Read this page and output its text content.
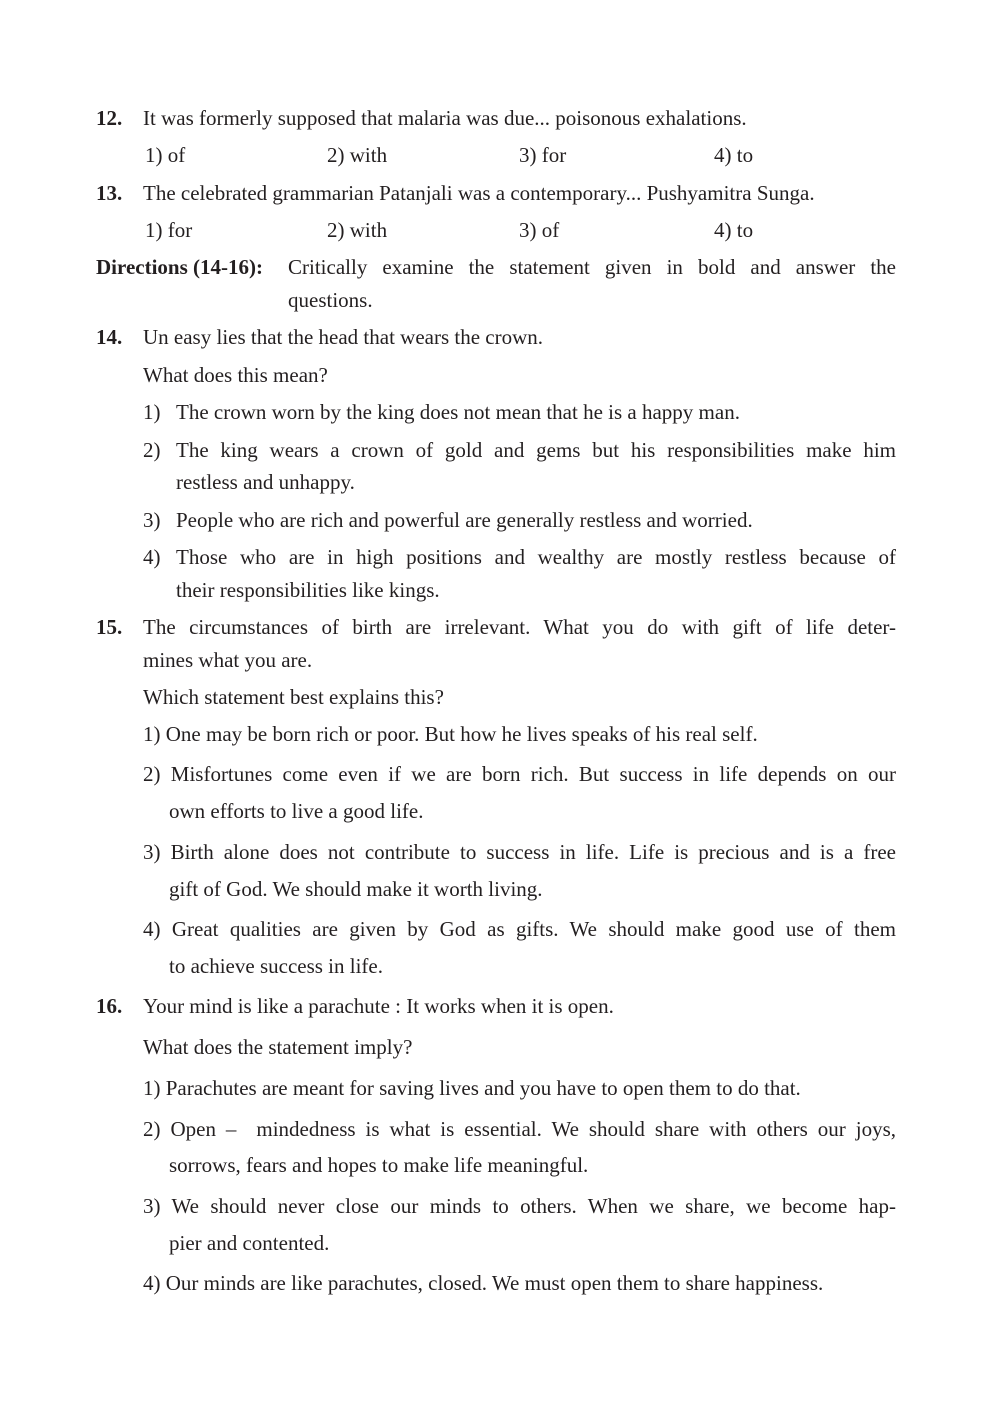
12. It was formerly supposed that malaria was due... poisonous exhalations.
1) of	2) with	3) for	4) to
13. The celebrated grammarian Patanjali was a contemporary... Pushyamitra Sunga.
1) for	2) with	3) of	4) to
Directions (14-16): Critically examine the statement given in bold and answer the
questions.
14. Un easy lies that the head that wears the crown.
What does this mean?
1) The crown worn by the king does not mean that he is a happy man.
2) The king wears a crown of gold and gems but his responsibilities make him
restless and unhappy.
3) People who are rich and powerful are generally restless and worried.
4) Those who are in high positions and wealthy are mostly restless because of
their responsibilities like kings.
15. The circumstances of birth are irrelevant. What you do with gift of life deter-
mines what you are.
Which statement best explains this?
1) One may be born rich or poor. But how he lives speaks of his real self.
2) Misfortunes come even if we are born rich. But success in life depends on our
own efforts to live a good life.
3) Birth alone does not contribute to success in life. Life is precious and is a free
gift of God. We should make it worth living.
4) Great qualities are given by God as gifts. We should make good use of them
to achieve success in life.
16. Your mind is like a parachute : It works when it is open.
What does the statement imply?
1) Parachutes are meant for saving lives and you have to open them to do that.
2) Open –  mindedness is what is essential. We should share with others our joys,
sorrows, fears and hopes to make life meaningful.
3) We should never close our minds to others. When we share, we become hap-
pier and contented.
4) Our minds are like parachutes, closed. We must open them to share happiness.
